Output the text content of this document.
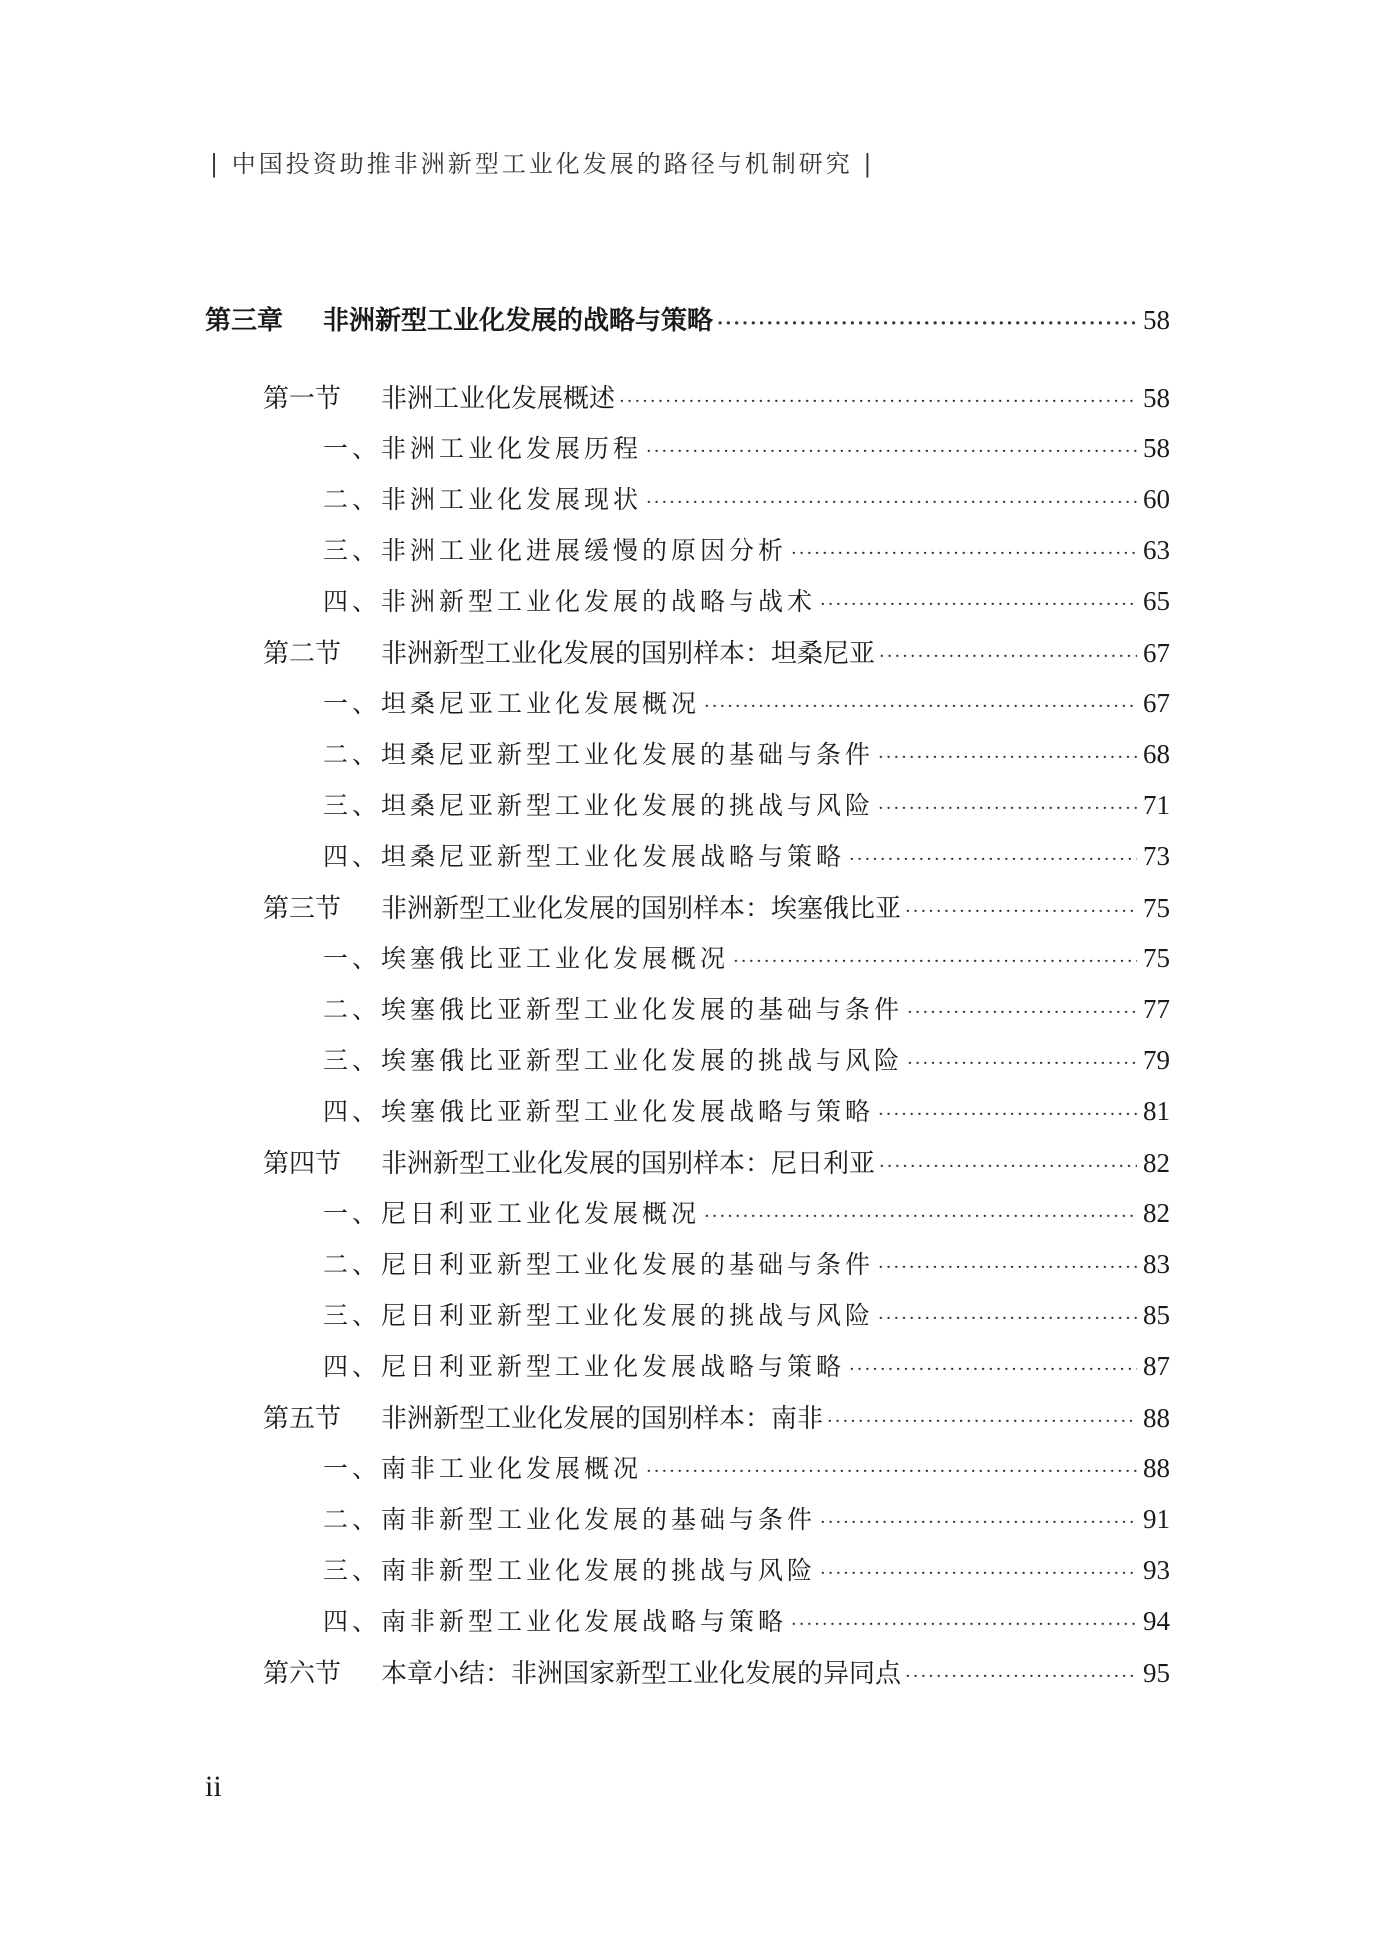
| 中国投资助推非洲新型工业化发展的路径与机制研究 |
第三章 非洲新型工业化发展的战略与策略 ·····	58
第一节 非洲工业化发展概述 ·····	58
一、非洲工业化发展历程 ·····	58
二、非洲工业化发展现状 ·····	60
三、非洲工业化进展缓慢的原因分析 ·····	63
四、非洲新型工业化发展的战略与战术 ·····	65
第二节 非洲新型工业化发展的国别样本：坦桑尼亚 ·····	67
一、坦桑尼亚工业化发展概况 ·····	67
二、坦桑尼亚新型工业化发展的基础与条件 ·····	68
三、坦桑尼亚新型工业化发展的挑战与风险 ·····	71
四、坦桑尼亚新型工业化发展战略与策略 ·····	73
第三节 非洲新型工业化发展的国别样本：埃塞俄比亚 ·····	75
一、埃塞俄比亚工业化发展概况 ·····	75
二、埃塞俄比亚新型工业化发展的基础与条件 ·····	77
三、埃塞俄比亚新型工业化发展的挑战与风险 ·····	79
四、埃塞俄比亚新型工业化发展战略与策略 ·····	81
第四节 非洲新型工业化发展的国别样本：尼日利亚 ·····	82
一、尼日利亚工业化发展概况 ·····	82
二、尼日利亚新型工业化发展的基础与条件 ·····	83
三、尼日利亚新型工业化发展的挑战与风险 ·····	85
四、尼日利亚新型工业化发展战略与策略 ·····	87
第五节 非洲新型工业化发展的国别样本：南非 ·····	88
一、南非工业化发展概况 ·····	88
二、南非新型工业化发展的基础与条件 ·····	91
三、南非新型工业化发展的挑战与风险 ·····	93
四、南非新型工业化发展战略与策略 ·····	94
第六节 本章小结：非洲国家新型工业化发展的异同点 ·····	95
ii
